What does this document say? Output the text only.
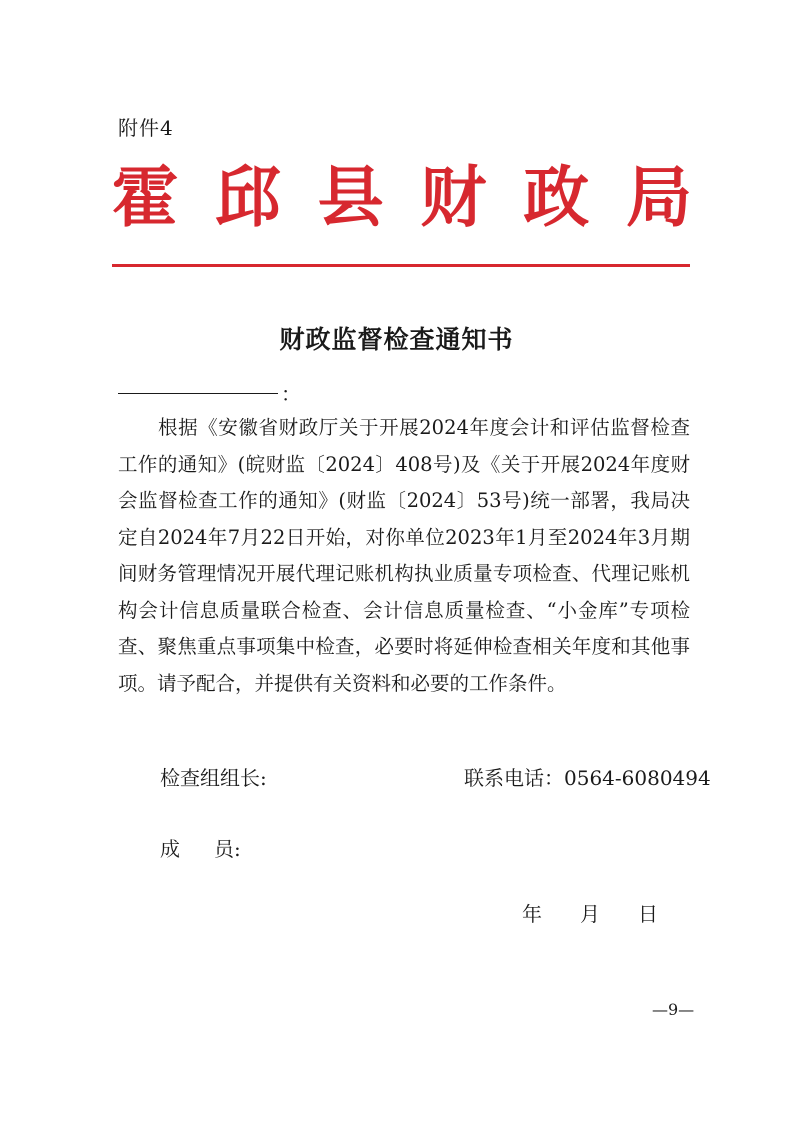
附件4
霍 邱 县 财 政 局
财政监督检查通知书
：

根据《安徽省财政厅关于开展2024年度会计和评估监督检查工作的通知》(皖财监〔2024〕408号)及《关于开展2024年度财会监督检查工作的通知》(财监〔2024〕53号)统一部署，我局决定自2024年7月22日开始，对你单位2023年1月至2024年3月期间财务管理情况开展代理记账机构执业质量专项检查、代理记账机构会计信息质量联合检查、会计信息质量检查、“小金库”专项检查、聚焦重点事项集中检查，必要时将延伸检查相关年度和其他事项。请予配合，并提供有关资料和必要的工作条件。

检查组组长:	联系电话：0564-6080494
成 员:
年 月 日
—9—
